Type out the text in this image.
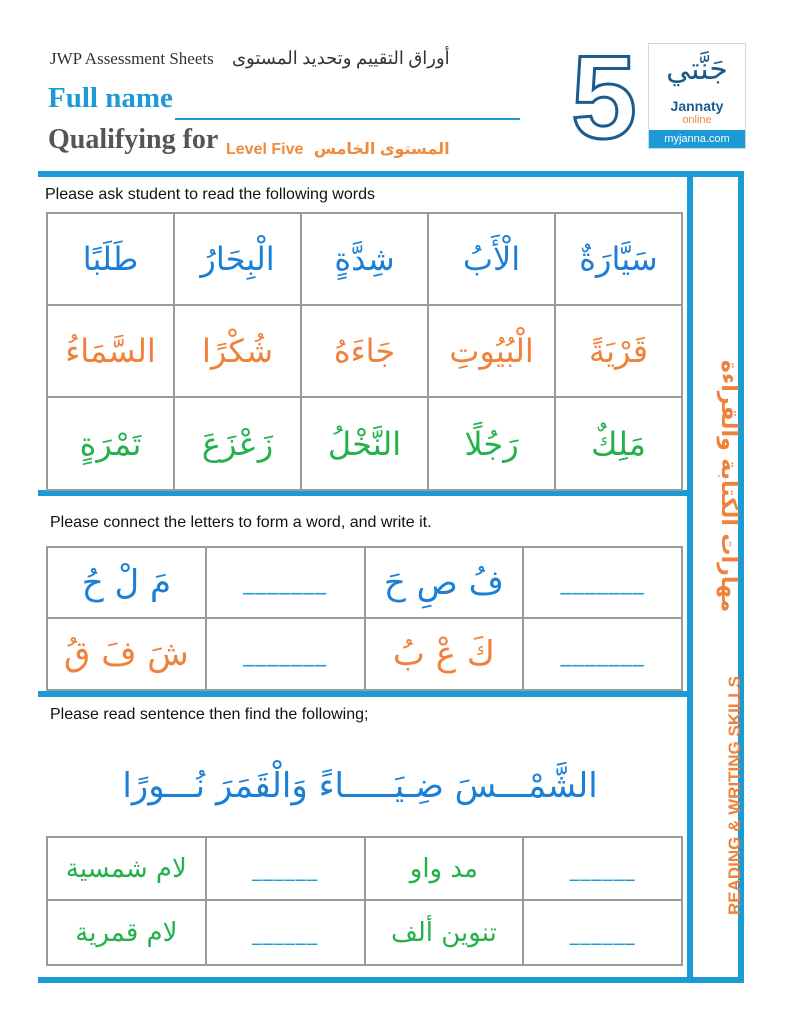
JWP Assessment Sheets أوراق التقييم وتحديد المستوى
Full name
Qualifying for Level Five المستوى الخامس 5 جَنَّتي
Jannaty
online
myjanna.com
مهارات الكتابة والقراءة
READING & WRITING SKILLS
Please ask student to read the following words
طَلَبًا	الْبِحَارُ	شِدَّةٍ	الْأَبُ	سَيَّارَةٌ
السَّمَاءُ	شُكْرًا	جَاءَهُ	الْبُيُوتِ	قَرْيَةً
تَمْرَةٍ	زَعْزَعَ	النَّخْلُ	رَجُلًا	مَلِكٌ
Please connect the letters to form a word, and write it.
مَ لْ حُ	_______	فُ صِ حَ	_______
شَ فَ قُ	_______	كَ عْ بُ	_______
Please read sentence then find the following;
الشَّمْـــسَ ضِـيَـــــاءً وَالْقَمَرَ نُـــورًا
لام شمسية	______	مد واو	______
لام قمرية	______	تنوين ألف	______
